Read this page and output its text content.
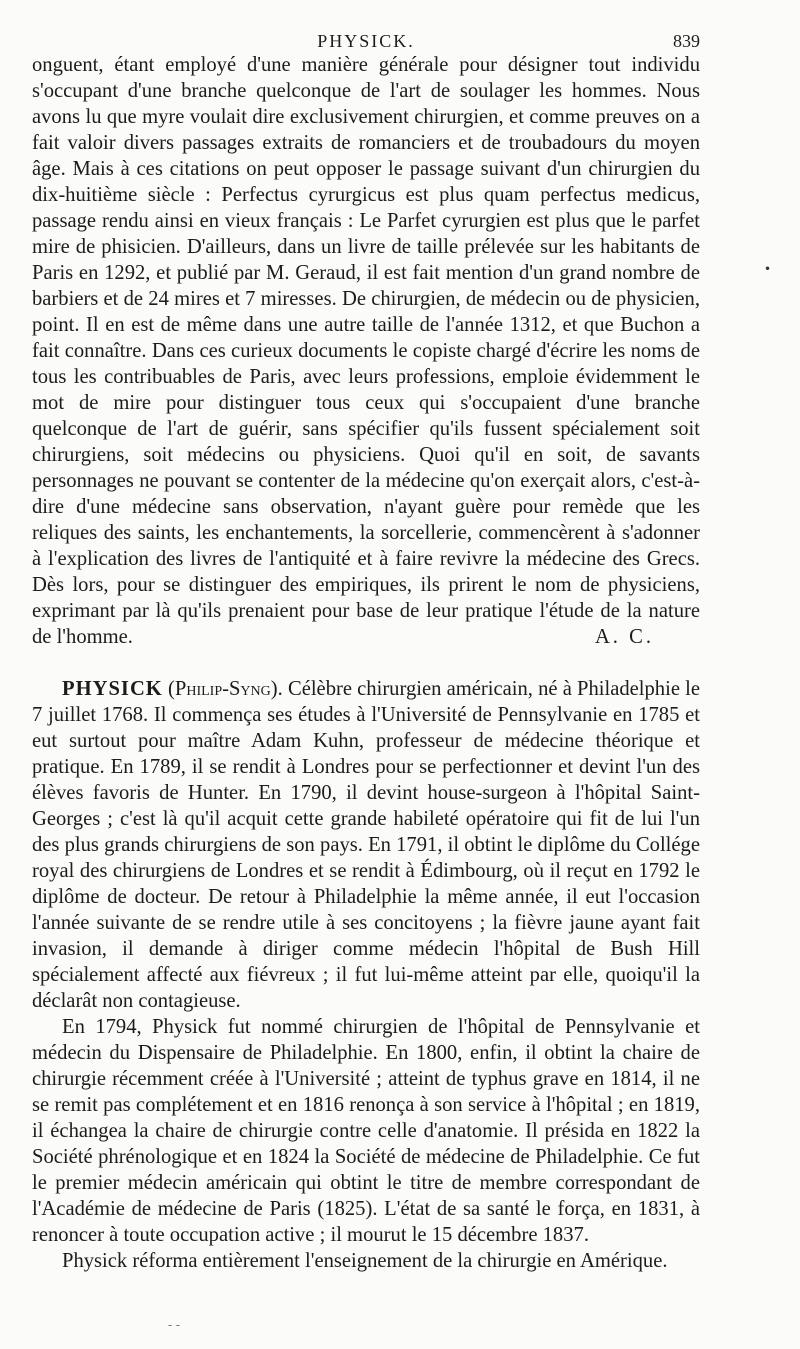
PHYSICK.	839

onguent, étant employé d'une manière générale pour désigner tout individu s'occupant d'une branche quelconque de l'art de soulager les hommes. Nous avons lu que myre voulait dire exclusivement chirurgien, et comme preuves on a fait valoir divers passages extraits de romanciers et de troubadours du moyen âge. Mais à ces citations on peut opposer le passage suivant d'un chirurgien du dix-huitième siècle : Perfectus cyrurgicus est plus quam perfectus medicus, passage rendu ainsi en vieux français : Le Parfet cyrurgien est plus que le parfet mire de phisicien. D'ailleurs, dans un livre de taille prélevée sur les habitants de Paris en 1292, et publié par M. Geraud, il est fait mention d'un grand nombre de barbiers et de 24 mires et 7 miresses. De chirurgien, de médecin ou de physicien, point. Il en est de même dans une autre taille de l'année 1312, et que Buchon a fait connaître. Dans ces curieux documents le copiste chargé d'écrire les noms de tous les contribuables de Paris, avec leurs professions, emploie évidemment le mot de mire pour distinguer tous ceux qui s'occupaient d'une branche quelconque de l'art de guérir, sans spécifier qu'ils fussent spécialement soit chirurgiens, soit médecins ou physiciens. Quoi qu'il en soit, de savants personnages ne pouvant se contenter de la médecine qu'on exerçait alors, c'est-à-dire d'une médecine sans observation, n'ayant guère pour remède que les reliques des saints, les enchantements, la sorcellerie, commencèrent à s'adonner à l'explication des livres de l'antiquité et à faire revivre la médecine des Grecs. Dès lors, pour se distinguer des empiriques, ils prirent le nom de physiciens, exprimant par là qu'ils prenaient pour base de leur pratique l'étude de la nature de l'homme.	A. C.

PHYSICK (Philip-Syng). Célèbre chirurgien américain, né à Philadelphie le 7 juillet 1768. Il commença ses études à l'Université de Pennsylvanie en 1785 et eut surtout pour maître Adam Kuhn, professeur de médecine théorique et pratique. En 1789, il se rendit à Londres pour se perfectionner et devint l'un des élèves favoris de Hunter. En 1790, il devint house-surgeon à l'hôpital Saint-Georges ; c'est là qu'il acquit cette grande habileté opératoire qui fit de lui l'un des plus grands chirurgiens de son pays. En 1791, il obtint le diplôme du Collége royal des chirurgiens de Londres et se rendit à Édimbourg, où il reçut en 1792 le diplôme de docteur. De retour à Philadelphie la même année, il eut l'occasion l'année suivante de se rendre utile à ses concitoyens ; la fièvre jaune ayant fait invasion, il demande à diriger comme médecin l'hôpital de Bush Hill spécialement affecté aux fiévreux ; il fut lui-même atteint par elle, quoiqu'il la déclarât non contagieuse.

En 1794, Physick fut nommé chirurgien de l'hôpital de Pennsylvanie et médecin du Dispensaire de Philadelphie. En 1800, enfin, il obtint la chaire de chirurgie récemment créée à l'Université ; atteint de typhus grave en 1814, il ne se remit pas complétement et en 1816 renonça à son service à l'hôpital ; en 1819, il échangea la chaire de chirurgie contre celle d'anatomie. Il présida en 1822 la Société phrénologique et en 1824 la Société de médecine de Philadelphie. Ce fut le premier médecin américain qui obtint le titre de membre correspondant de l'Académie de médecine de Paris (1825). L'état de sa santé le força, en 1831, à renoncer à toute occupation active ; il mourut le 15 décembre 1837.

Physick réforma entièrement l'enseignement de la chirurgie en Amérique.

•
- -
